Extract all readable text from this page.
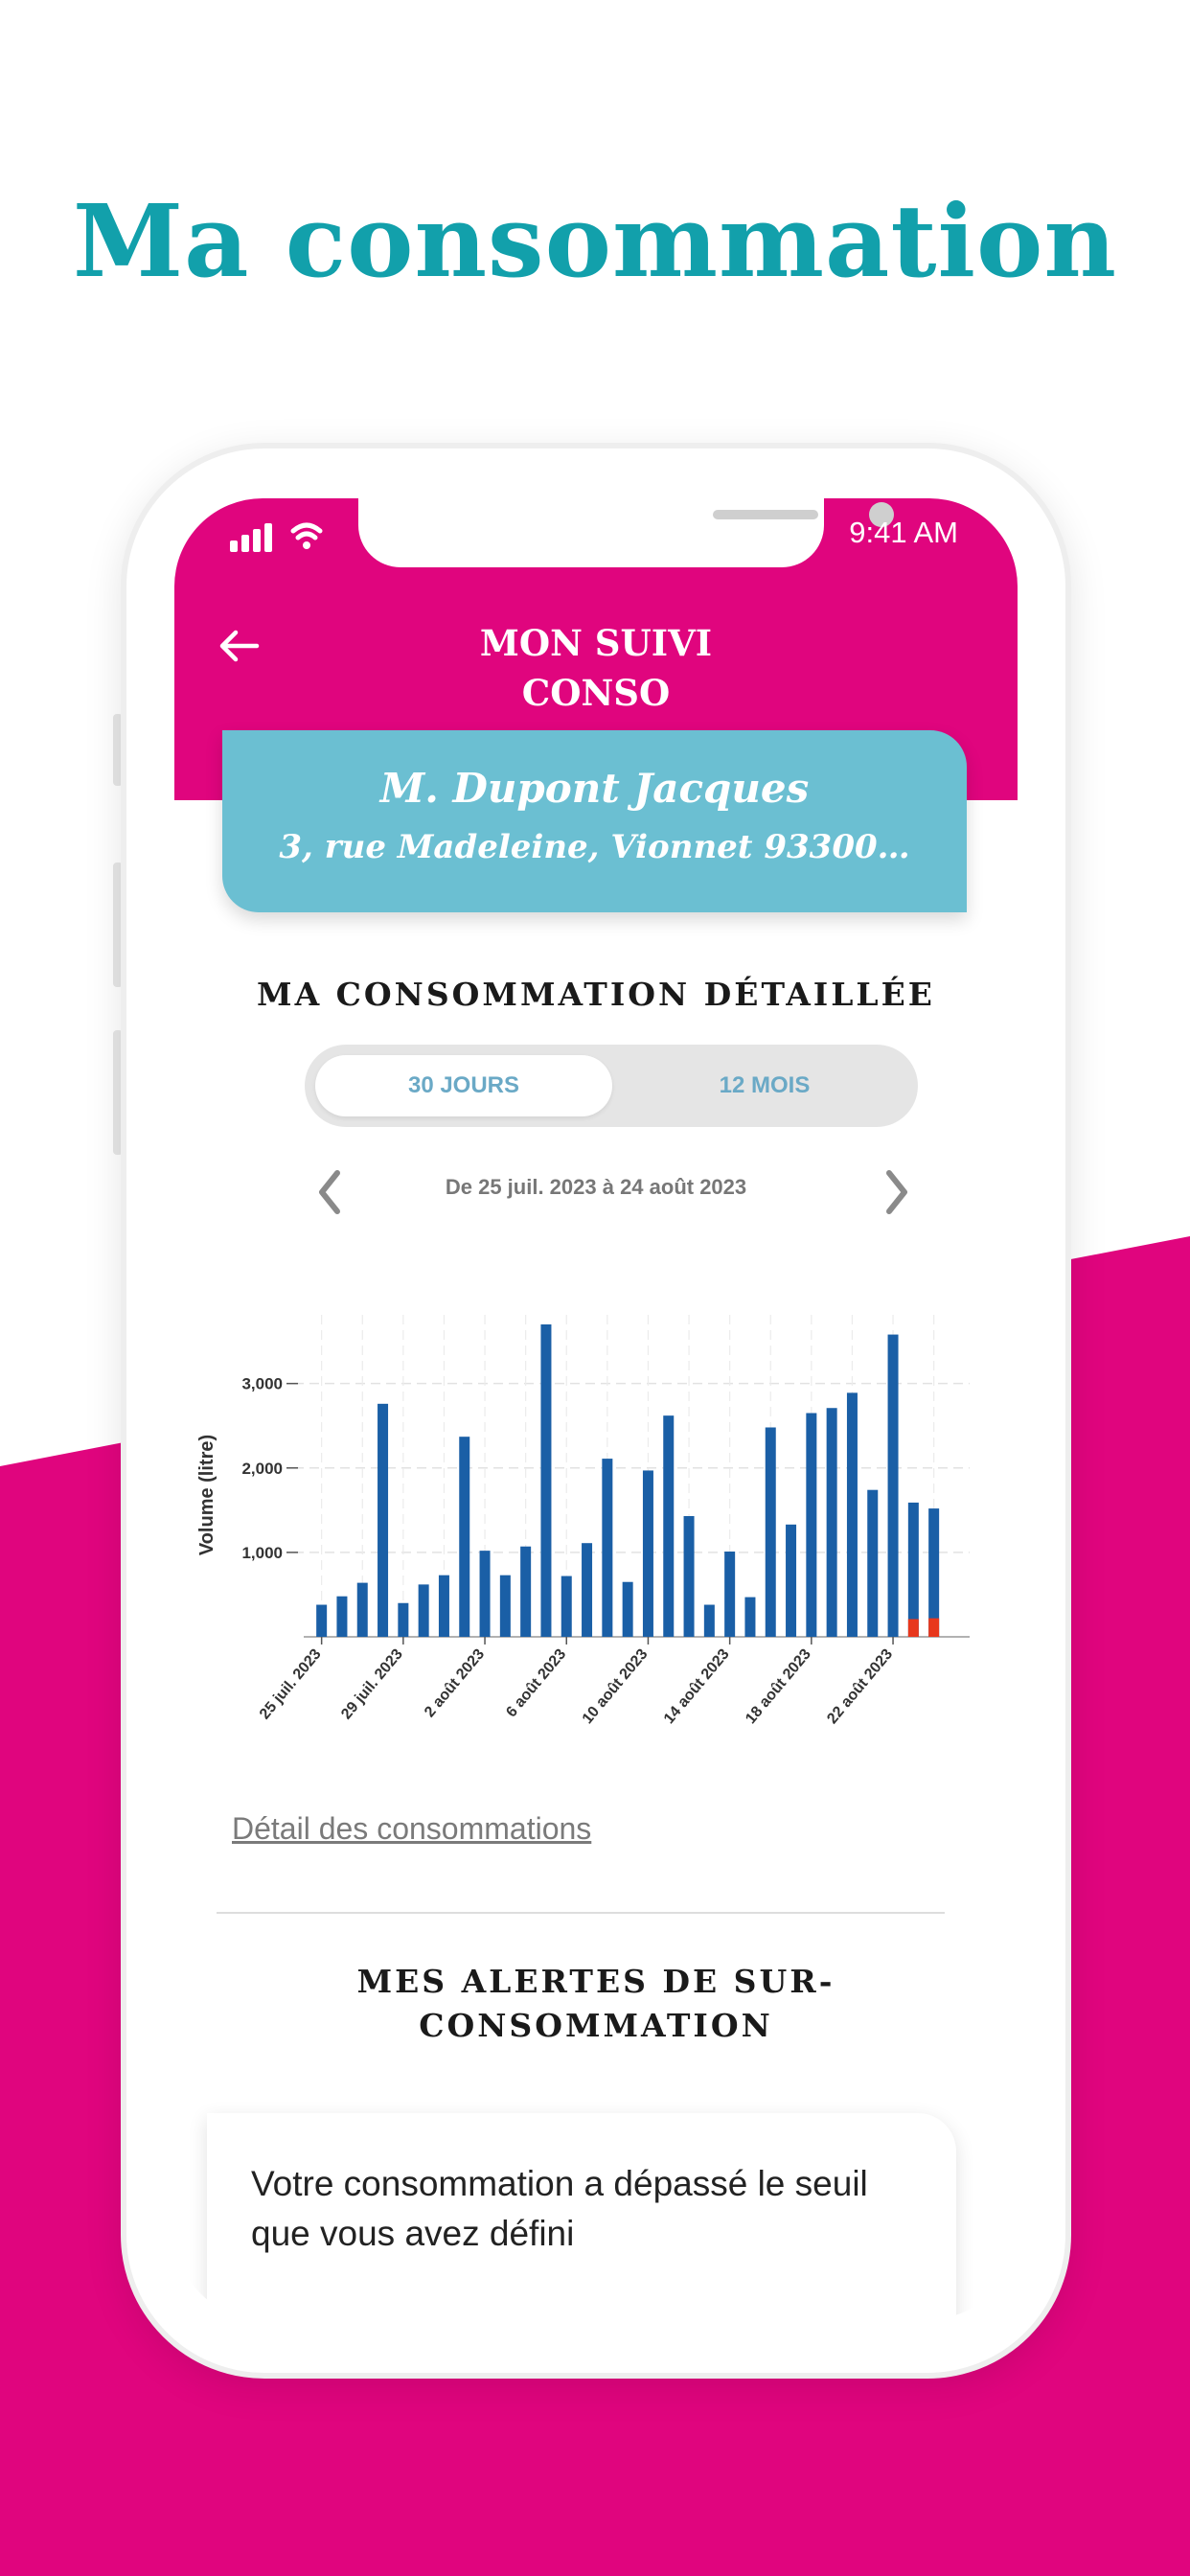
Ma consommation
9:41 AM
MON SUIVI
CONSO
M. Dupont Jacques
3, rue Madeleine, Vionnet 93300…
MA CONSOMMATION DÉTAILLÉE
30 JOURS	12 MOIS
De 25 juil. 2023 à 24 août 2023
1,000
2,000
3,000
25 juil. 2023 29 juil. 2023 2 août 2023 6 août 2023 10 août 2023 14 août 2023 18 août 2023 22 août 2023
Volume (litre)
Détail des consommations
MES ALERTES DE SUR-
CONSOMMATION
Votre consommation a dépassé le seuil que vous avez défini
